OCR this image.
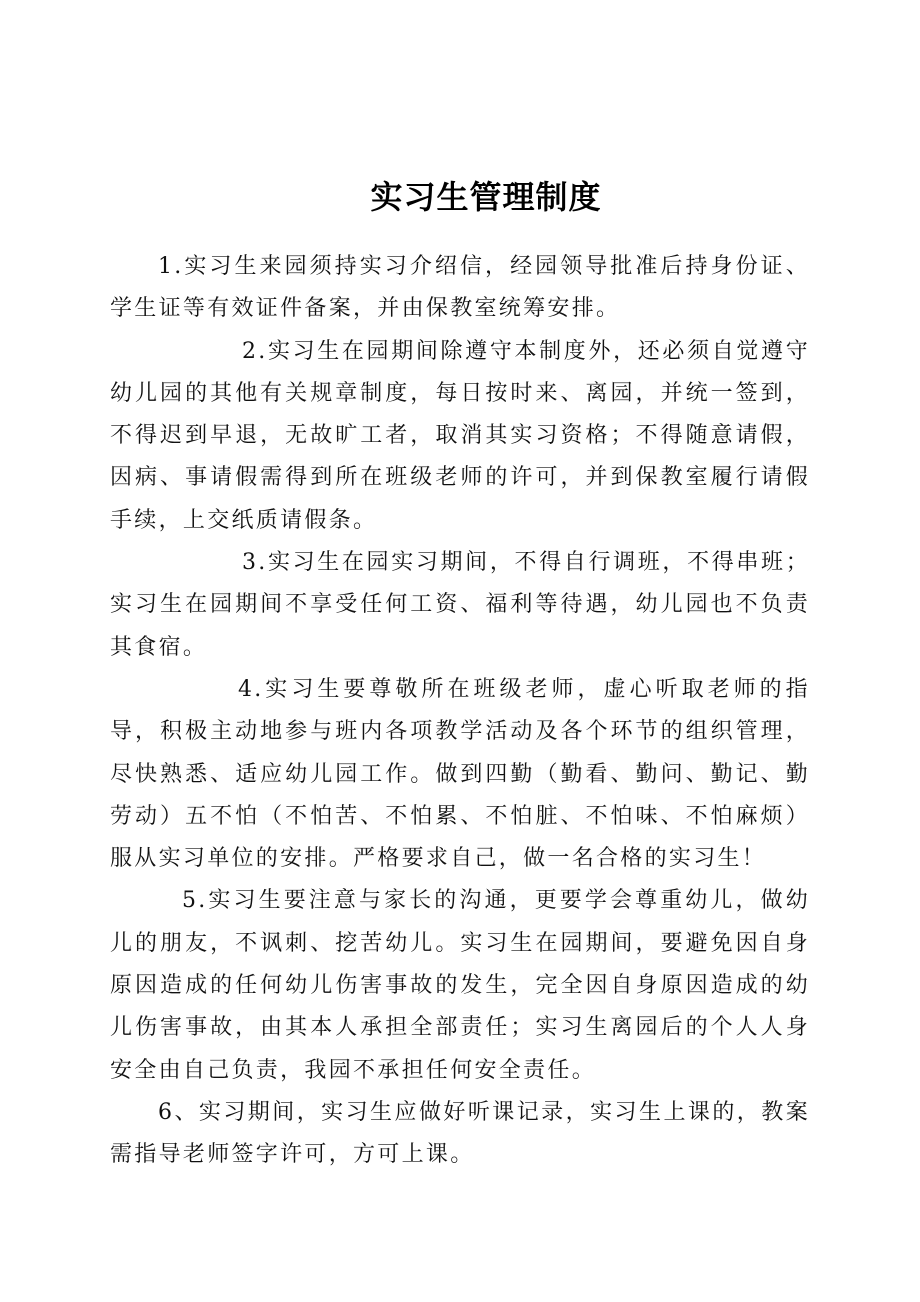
实习生管理制度

1.实习生来园须持实习介绍信，经园领导批准后持身份证、学生证等有效证件备案，并由保教室统筹安排。

2.实习生在园期间除遵守本制度外，还必须自觉遵守幼儿园的其他有关规章制度，每日按时来、离园，并统一签到，不得迟到早退，无故旷工者，取消其实习资格；不得随意请假，因病、事请假需得到所在班级老师的许可，并到保教室履行请假手续，上交纸质请假条。

3.实习生在园实习期间，不得自行调班，不得串班；实习生在园期间不享受任何工资、福利等待遇，幼儿园也不负责其食宿。

4.实习生要尊敬所在班级老师，虚心听取老师的指导，积极主动地参与班内各项教学活动及各个环节的组织管理，尽快熟悉、适应幼儿园工作。做到四勤（勤看、勤问、勤记、勤劳动）五不怕（不怕苦、不怕累、不怕脏、不怕味、不怕麻烦）服从实习单位的安排。严格要求自己，做一名合格的实习生！

5.实习生要注意与家长的沟通，更要学会尊重幼儿，做幼儿的朋友，不讽刺、挖苦幼儿。实习生在园期间，要避免因自身原因造成的任何幼儿伤害事故的发生，完全因自身原因造成的幼儿伤害事故，由其本人承担全部责任；实习生离园后的个人人身安全由自己负责，我园不承担任何安全责任。

6、实习期间，实习生应做好听课记录，实习生上课的，教案需指导老师签字许可，方可上课。
